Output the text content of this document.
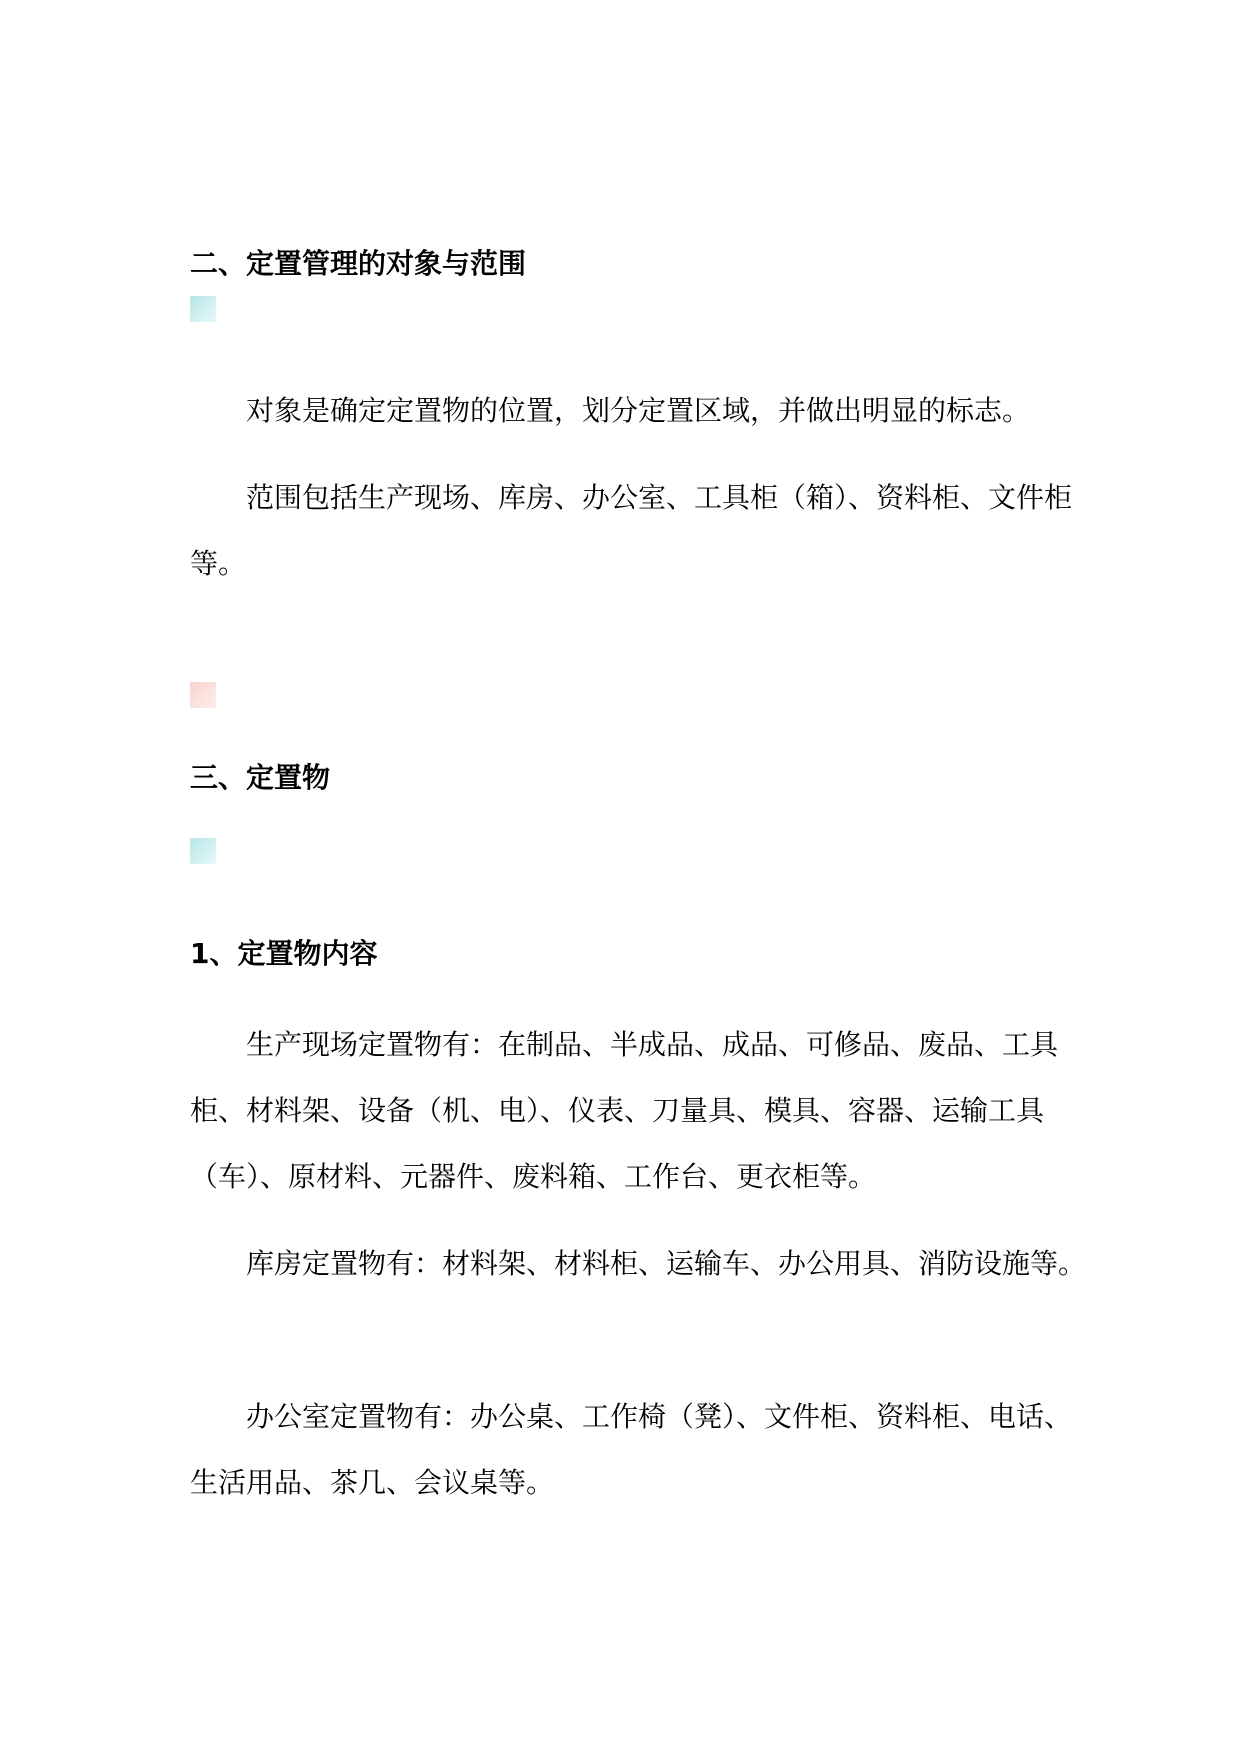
二、定置管理的对象与范围

对象是确定定置物的位置，划分定置区域，并做出明显的标志。

范围包括生产现场、库房、办公室、工具柜（箱）、资料柜、文件柜等。

三、定置物
1、定置物内容

生产现场定置物有：在制品、半成品、成品、可修品、废品、工具柜、材料架、设备（机、电）、仪表、刀量具、模具、容器、运输工具（车）、原材料、元器件、废料箱、工作台、更衣柜等。

库房定置物有：材料架、材料柜、运输车、办公用具、消防设施等。

办公室定置物有：办公桌、工作椅（凳）、文件柜、资料柜、电话、生活用品、茶几、会议桌等。
